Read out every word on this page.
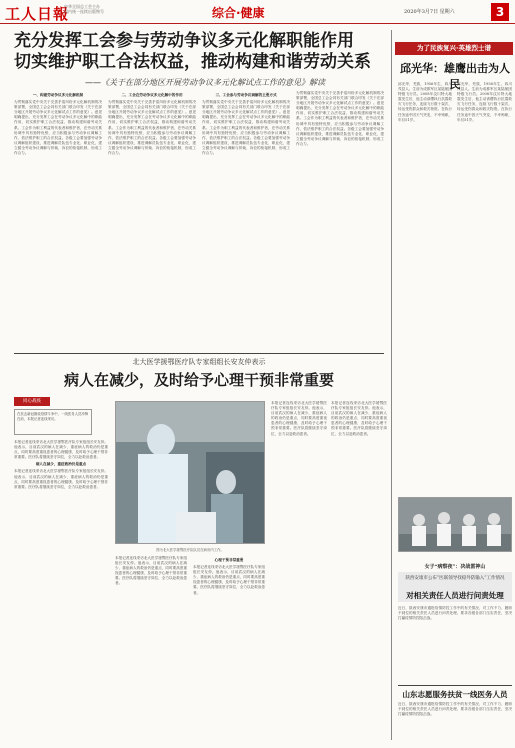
工人日報
中华全国总工会主办 国内统一连续出版物号	综合·健康	2020年3月7日 星期六	3
充分发挥工会参与劳动争议多元化解职能作用
切实维护职工合法权益，推动构建和谐劳动关系
——《关于在部分地区开展劳动争议多元化解试点工作的意见》解读
一、构建劳动争议多元化解机制
为贯彻落实党中央关于完善矛盾纠纷多元化解机制的决策部署，全国总工会会同有关部门联合印发《关于在部分地区开展劳动争议多元化解试点工作的意见》。意见明确提出，充分发挥工会在劳动争议多元化解中的职能作用，切实维护职工合法权益，推动构建和谐劳动关系。工会作为职工利益的代表者和维护者，在劳动关系协调中具有独特优势，应当积极参与劳动争议调解工作，依法维护职工的合法权益。各级工会要加强劳动争议调解组织建设，推进调解员队伍专业化、职业化，建立健全劳动争议调解与仲裁、诉讼的衔接机制，形成工作合力。
二、工会在劳动争议多元化解中的作用
为贯彻落实党中央关于完善矛盾纠纷多元化解机制的决策部署，全国总工会会同有关部门联合印发《关于在部分地区开展劳动争议多元化解试点工作的意见》。意见明确提出，充分发挥工会在劳动争议多元化解中的职能作用，切实维护职工合法权益，推动构建和谐劳动关系。工会作为职工利益的代表者和维护者，在劳动关系协调中具有独特优势，应当积极参与劳动争议调解工作，依法维护职工的合法权益。各级工会要加强劳动争议调解组织建设，推进调解员队伍专业化、职业化，建立健全劳动争议调解与仲裁、诉讼的衔接机制，形成工作合力。
三、工会参与劳动争议调解的主要方式
为贯彻落实党中央关于完善矛盾纠纷多元化解机制的决策部署，全国总工会会同有关部门联合印发《关于在部分地区开展劳动争议多元化解试点工作的意见》。意见明确提出，充分发挥工会在劳动争议多元化解中的职能作用，切实维护职工合法权益，推动构建和谐劳动关系。工会作为职工利益的代表者和维护者，在劳动关系协调中具有独特优势，应当积极参与劳动争议调解工作，依法维护职工的合法权益。各级工会要加强劳动争议调解组织建设，推进调解员队伍专业化、职业化，建立健全劳动争议调解与仲裁、诉讼的衔接机制，形成工作合力。
为贯彻落实党中央关于完善矛盾纠纷多元化解机制的决策部署，全国总工会会同有关部门联合印发《关于在部分地区开展劳动争议多元化解试点工作的意见》。意见明确提出，充分发挥工会在劳动争议多元化解中的职能作用，切实维护职工合法权益，推动构建和谐劳动关系。工会作为职工利益的代表者和维护者，在劳动关系协调中具有独特优势，应当积极参与劳动争议调解工作，依法维护职工的合法权益。各级工会要加强劳动争议调解组织建设，推进调解员队伍专业化、职业化，建立健全劳动争议调解与仲裁、诉讼的衔接机制，形成工作合力。
为了民族复兴·英雄烈士谱
邱光华：雄鹰出击为人民
邱光华，羌族，1956年生，四川茂县人。生前为成都军区某陆航团特级飞行员。2008年汶川特大地震发生后，他主动请缨执行抗震救灾飞行任务，连续飞行数十架次，转运受伤群众和救灾物资。在执行任务途中因天气突变，不幸殉职，年仅51岁。
邱光华，羌族，1956年生，四川茂县人。生前为成都军区某陆航团特级飞行员。2008年汶川特大地震发生后，他主动请缨执行抗震救灾飞行任务，连续飞行数十架次，转运受伤群众和救灾物资。在执行任务途中因天气突变，不幸殉职，年仅51岁。
北大医学援鄂医疗队专家组组长安友仲表示
病人在减少，及时给予心理干预非常重要
同心战疫
在抗击新冠肺炎疫情斗争中，一线医务人员冲锋在前，本报记者连线采访。
本报记者连线采访北大医学援鄂医疗队专家组组长安友仲。他表示，目前武汉的病人在减少，重症病人的救治仍是重点，同时要高度重视患者的心理健康，及时给予心理干预非常重要。医疗队将继续坚守岗位，全力以赴救治患者。
病人在减少，重症救治仍是重点
本报记者连线采访北大医学援鄂医疗队专家组组长安友仲。他表示，目前武汉的病人在减少，重症病人的救治仍是重点，同时要高度重视患者的心理健康，及时给予心理干预非常重要。医疗队将继续坚守岗位，全力以赴救治患者。
图为北大医学援鄂医疗队队员在病房内工作。
本报记者连线采访北大医学援鄂医疗队专家组组长安友仲。他表示，目前武汉的病人在减少，重症病人的救治仍是重点，同时要高度重视患者的心理健康，及时给予心理干预非常重要。医疗队将继续坚守岗位，全力以赴救治患者。
心理干预非常重要
本报记者连线采访北大医学援鄂医疗队专家组组长安友仲。他表示，目前武汉的病人在减少，重症病人的救治仍是重点，同时要高度重视患者的心理健康，及时给予心理干预非常重要。医疗队将继续坚守岗位，全力以赴救治患者。
本报记者连线采访北大医学援鄂医疗队专家组组长安友仲。他表示，目前武汉的病人在减少，重症病人的救治仍是重点，同时要高度重视患者的心理健康，及时给予心理干预非常重要。医疗队将继续坚守岗位，全力以赴救治患者。
本报记者连线采访北大医学援鄂医疗队专家组组长安友仲。他表示，目前武汉的病人在减少，重症病人的救治仍是重点，同时要高度重视患者的心理健康，及时给予心理干预非常重要。医疗队将继续坚守岗位，全力以赴救治患者。
女子“病察夜”：决战雷神山
陕西安康市公布“医联领导找稳外防输入”工作情况
对相关责任人员进行问责处理
近日，陕西安康市通报疫情防控工作中的有关情况，对工作不力、履职不到位的相关责任人员进行问责处理，要求各级各部门压实责任，坚决打赢疫情防控阻击战。
山东志愿服务扶贫一线医务人员
近日，陕西安康市通报疫情防控工作中的有关情况，对工作不力、履职不到位的相关责任人员进行问责处理，要求各级各部门压实责任，坚决打赢疫情防控阻击战。
